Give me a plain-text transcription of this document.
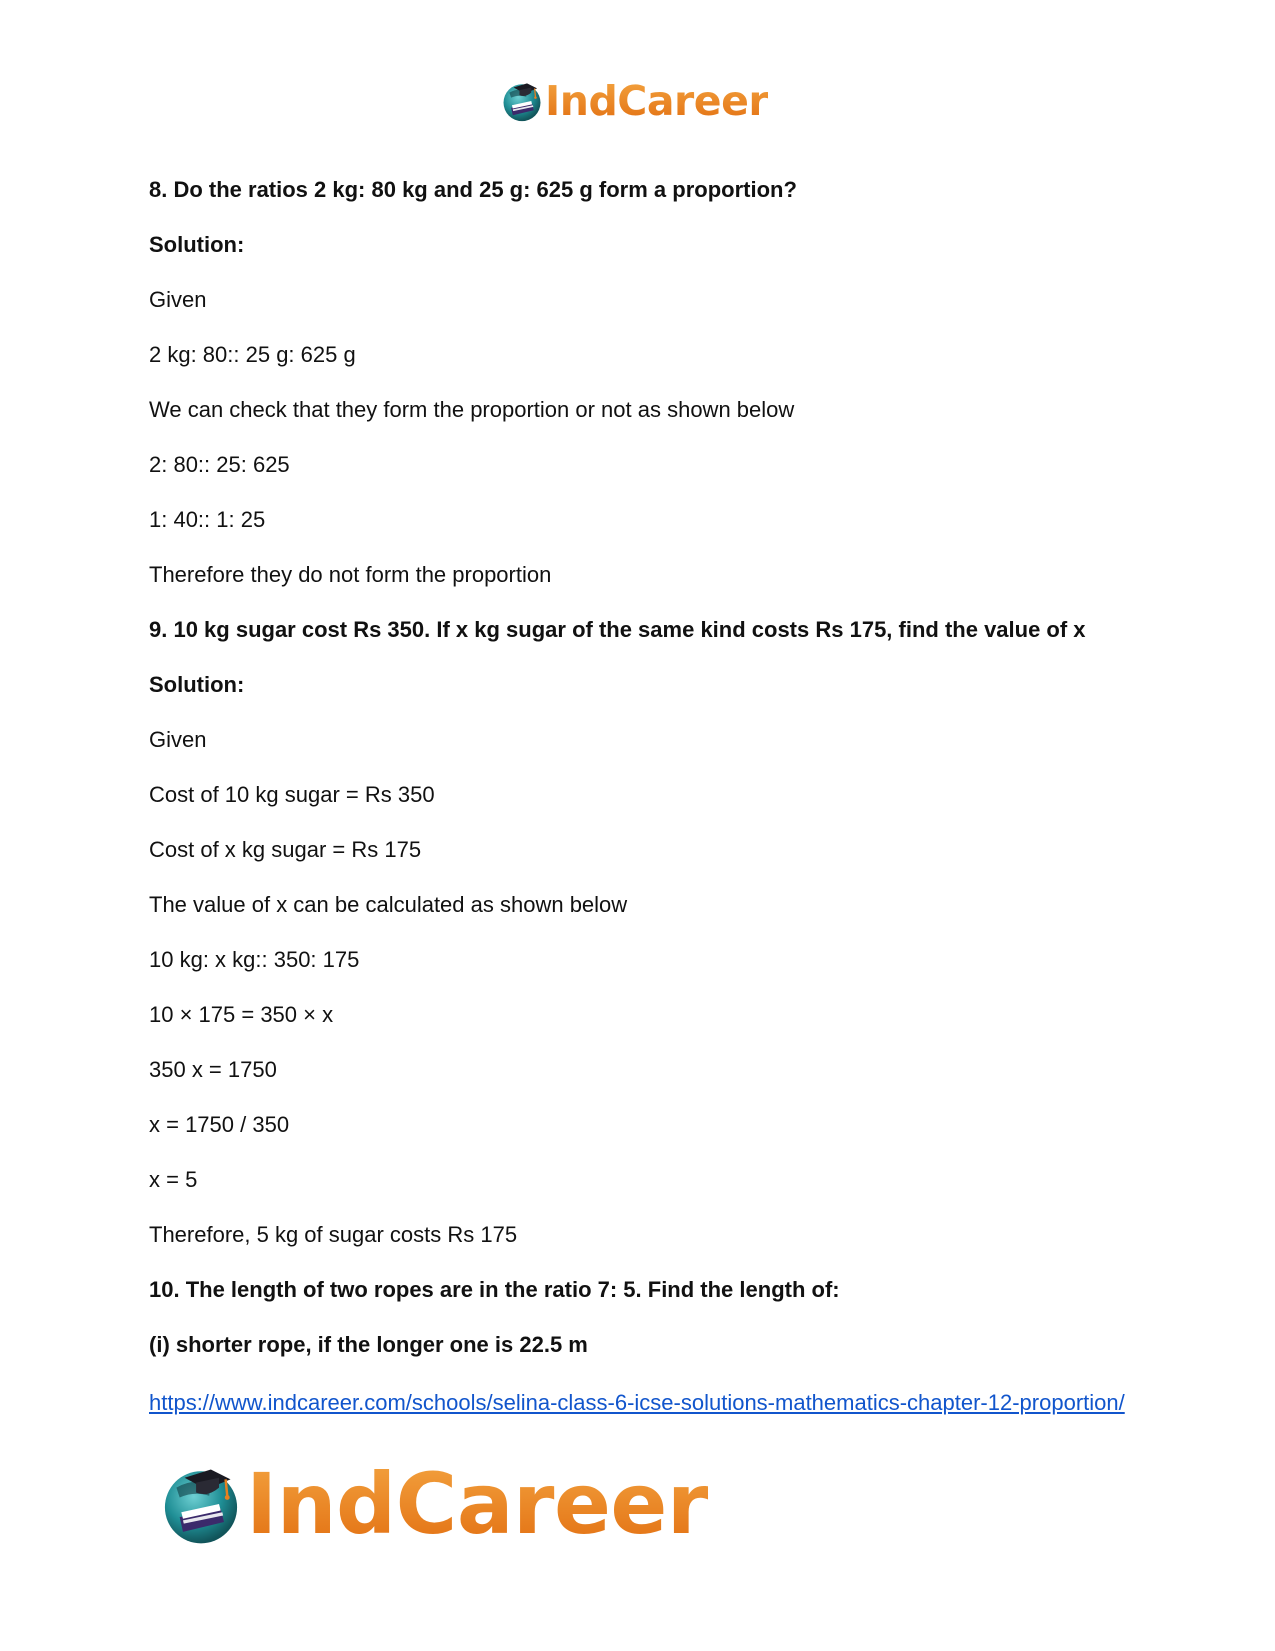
IndCareer
8. Do the ratios 2 kg: 80 kg and 25 g: 625 g form a proportion?
Solution:
Given
2 kg: 80:: 25 g: 625 g
We can check that they form the proportion or not as shown below
2: 80:: 25: 625
1: 40:: 1: 25
Therefore they do not form the proportion
9. 10 kg sugar cost Rs 350. If x kg sugar of the same kind costs Rs 175, find the value of x
Solution:
Given
Cost of 10 kg sugar = Rs 350
Cost of x kg sugar = Rs 175
The value of x can be calculated as shown below
10 kg: x kg:: 350: 175
10 × 175 = 350 × x
350 x = 1750
x = 1750 / 350
x = 5
Therefore, 5 kg of sugar costs Rs 175
10. The length of two ropes are in the ratio 7: 5. Find the length of:
(i) shorter rope, if the longer one is 22.5 m
https://www.indcareer.com/schools/selina-class-6-icse-solutions-mathematics-chapter-12-proportion/
IndCareer
